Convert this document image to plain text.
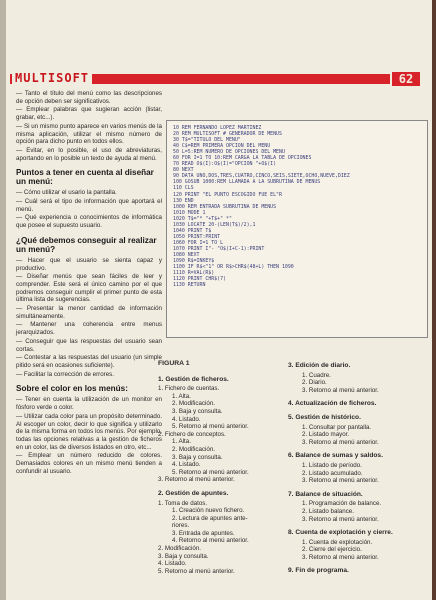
MULTISOFT	62

— Tanto el título del menú como las descripciones de opción deben ser significativos.

— Emplear palabras que sugieran acción (listar, grabar, etc...).

— Si un mismo punto aparece en varios menús de la misma aplicación, utilizar el mismo número de opción para dicho punto en todos ellos.

— Evitar, en lo posible, el uso de abreviaturas, aportando en lo posible un texto de ayuda al menú.

Puntos a tener en cuenta al diseñar un menú:

— Cómo utilizar el usario la pantalla.

— Cuál será el tipo de información que aportará el menú.

— Qué experiencia o conocimientos de informática que posee el supuesto usuario.

¿Qué debemos conseguir al realizar un menú?

— Hacer que el usuario se sienta capaz y productivo.

— Diseñar menús que sean fáciles de leer y comprender. Este será el único camino por el que podremos conseguir cumplir el primer punto de esta última lista de sugerencias.

— Presentar la menor cantidad de información simultáneamente.

— Mantener una coherencia entre menus jerarquizados.

— Conseguir que las respuestas del usuario sean cortas.

— Contestar a las respuestas del usuario (un simple pitido será en ocasiones suficiente).

— Facilitar la corrección de errores.

Sobre el color en los menús:

— Tener en cuenta la utilización de un monitor en fósforo verde o color.

— Utilizar cada color para un propósito determinado. Al escoger un color, decir lo que significa y utilizarlo de la misma forma en todos los menús. Por ejemplo, todas las opciones relativas a la gestión de ficheros en un color, las de diversos listados en otro, etc...

— Emplear un número reducido de colores. Demasiados colores en un mismo menú tienden a confundir al usuario.

10 REM FERNANDO LOPEZ MARTINEZ
20 REM MULTISOFT # GENERADOR DE MENUS
30 T$="TITULO DEL MENU"
40 C$=REM PRIMERA OPCION DEL MENU
50 L=5:REM NUMERO DE OPCIONES DEL MENU
60 FOR I=1 TO 10:REM CARGA LA TABLA DE OPCIONES
70 READ O$(I):O$(I)="OPCION "+O$(I)
80 NEXT
90 DATA UNO,DOS,TRES,CUATRO,CINCO,SEIS,SIETE,OCHO,NUEVE,DIEZ
100 GOSUB 1000:REM LLAMADA A LA SUBRUTINA DE MENUS
110 CLS
120 PRINT "EL PUNTO ESCOGIDO FUE EL"R
130 END
1000 REM ENTRADA SUBRUTINA DE MENUS
1010 MODE 1
1020 T$="* "+T$+" *"
1030 LOCATE 20-(LEN(T$)/2),1
1040 PRINT T$
1050 PRINT:PRINT
1060 FOR I=1 TO L
1070 PRINT I"- "O$(I+C-1):PRINT
1080 NEXT
1090 R$=INKEY$
1100 IF R$<"1" OR R$>CHR$(48+L) THEN 1090
1110 R=VAL(R$)
1120 PRINT CHR$(7)
1130 RETURN
FIGURA 1
1. Gestión de ficheros.
1. Fichero de cuentas.
1. Alta.
2. Modificación.
3. Baja y consulta.
4. Listado.
5. Retorno al menú anterior.
2. Fichero de conceptos.
1. Alta.
2. Modificación.
3. Baja y consulta.
4. Listado.
5. Retorno al menú anterior.
3. Retorno al menú anterior.
2. Gestión de apuntes.
1. Toma de datos.
1. Creación nuevo fichero.
2. Lectura de apuntes ante-
riores.
3. Entrada de apuntes.
4. Retorno al menú anterior.
2. Modificación.
3. Baja y consulta.
4. Listado.
5. Retorno al menú anterior.
3. Edición de diario.
1. Cuadre.
2. Diario.
3. Retorno al menú anterior.
4. Actualización de ficheros.
5. Gestión de histórico.
1. Consultar por pantalla.
2. Listado mayor.
3. Retorno al menú anterior.
6. Balance de sumas y saldos.
1. Listado de período.
2. Listado acumulado.
3. Retorno al menú anterior.
7. Balance de situación.
1. Programación de balance.
2. Listado balance.
3. Retorno al menú anterior.
8. Cuenta de explotación y cierre.
1. Cuenta de explotación.
2. Cierre del ejercicio.
3. Retorno al menú anterior.
9. Fin de programa.
